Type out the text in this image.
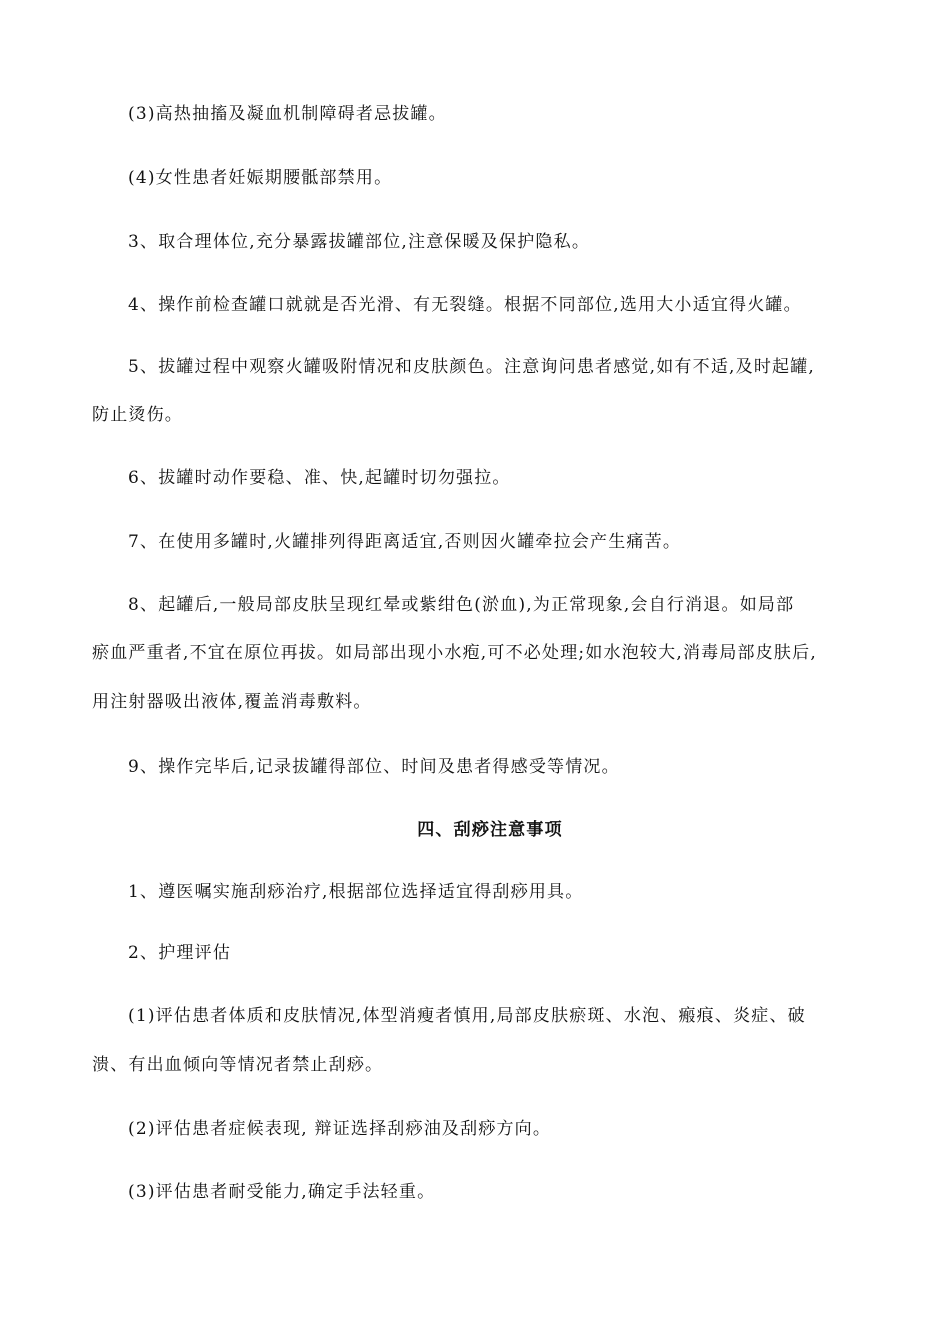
(3)高热抽搐及凝血机制障碍者忌拔罐。

(4)女性患者妊娠期腰骶部禁用。

3、取合理体位,充分暴露拔罐部位,注意保暖及保护隐私。

4、操作前检查罐口就就是否光滑、有无裂缝。根据不同部位,选用大小适宜得火罐。

5、拔罐过程中观察火罐吸附情况和皮肤颜色。注意询问患者感觉,如有不适,及时起罐,

防止烫伤。

6、拔罐时动作要稳、准、快,起罐时切勿强拉。

7、在使用多罐时,火罐排列得距离适宜,否则因火罐牵拉会产生痛苦。

8、起罐后,一般局部皮肤呈现红晕或紫绀色(淤血),为正常现象,会自行消退。如局部

瘀血严重者,不宜在原位再拔。如局部出现小水疱,可不必处理;如水泡较大,消毒局部皮肤后,

用注射器吸出液体,覆盖消毒敷料。

9、操作完毕后,记录拔罐得部位、时间及患者得感受等情况。

四、刮痧注意事项

1、遵医嘱实施刮痧治疗,根据部位选择适宜得刮痧用具。

2、护理评估

(1)评估患者体质和皮肤情况,体型消瘦者慎用,局部皮肤瘀斑、水泡、瘢痕、炎症、破

溃、有出血倾向等情况者禁止刮痧。

(2)评估患者症候表现, 辩证选择刮痧油及刮痧方向。

(3)评估患者耐受能力,确定手法轻重。
